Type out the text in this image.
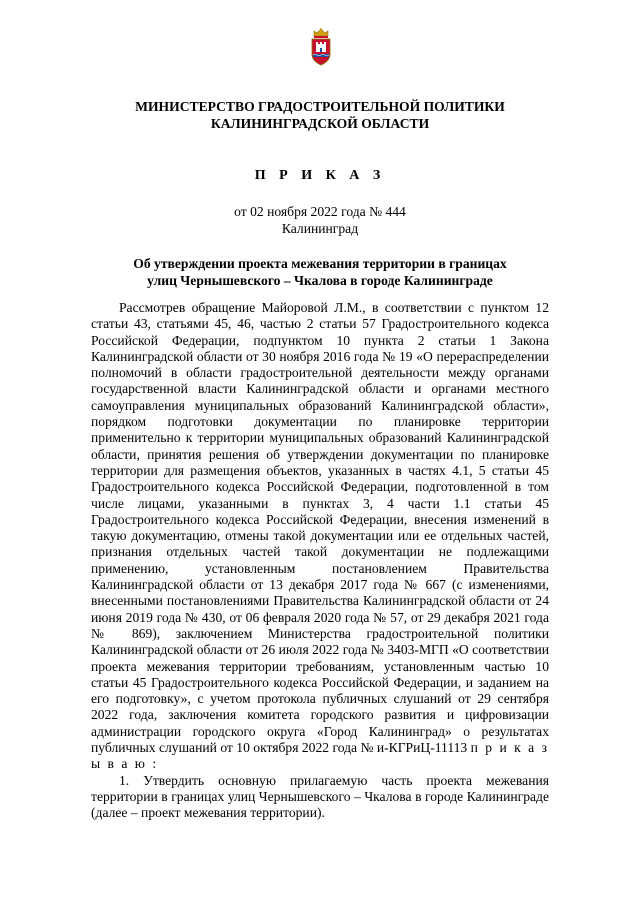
МИНИСТЕРСТВО ГРАДОСТРОИТЕЛЬНОЙ ПОЛИТИКИ
КАЛИНИНГРАДСКОЙ ОБЛАСТИ
П Р И К А З
от 02 ноября 2022 года № 444
Калининград
Об утверждении проекта межевания территории в границах
улиц Чернышевского – Чкалова в городе Калининграде

Рассмотрев обращение Майоровой Л.М., в соответствии с пунктом 12 статьи 43, статьями 45, 46, частью 2 статьи 57 Градостроительного кодекса Российской Федерации, подпунктом 10 пункта 2 статьи 1 Закона Калининградской области от 30 ноября 2016 года № 19 «О перераспределении полномочий в области градостроительной деятельности между органами государственной власти Калининградской области и органами местного самоуправления муниципальных образований Калининградской области», порядком подготовки документации по планировке территории применительно к территории муниципальных образований Калининградской области, принятия решения об утверждении документации по планировке территории для размещения объектов, указанных в частях 4.1, 5 статьи 45 Градостроительного кодекса Российской Федерации, подготовленной в том числе лицами, указанными в пунктах 3, 4 части 1.1 статьи 45 Градостроительного кодекса Российской Федерации, внесения изменений в такую документацию, отмены такой документации или ее отдельных частей, признания отдельных частей такой документации не подлежащими применению, установленным постановлением Правительства Калининградской области от 13 декабря 2017 года № 667 (с изменениями, внесенными постановлениями Правительства Калининградской области от 24 июня 2019 года № 430, от 06 февраля 2020 года № 57, от 29 декабря 2021 года № 869), заключением Министерства градостроительной политики Калининградской области от 26 июля 2022 года № 3403-МГП «О соответствии проекта межевания территории требованиям, установленным частью 10 статьи 45 Градостроительного кодекса Российской Федерации, и заданием на его подготовку», с учетом протокола публичных слушаний от 29 сентября 2022 года, заключения комитета городского развития и цифровизации администрации городского округа «Город Калининград» о результатах публичных слушаний от 10 октября 2022 года № и-КГРиЦ-11113 п р и к а з ы в а ю :

1. Утвердить основную прилагаемую часть проекта межевания территории в границах улиц Чернышевского – Чкалова в городе Калининграде (далее – проект межевания территории).
